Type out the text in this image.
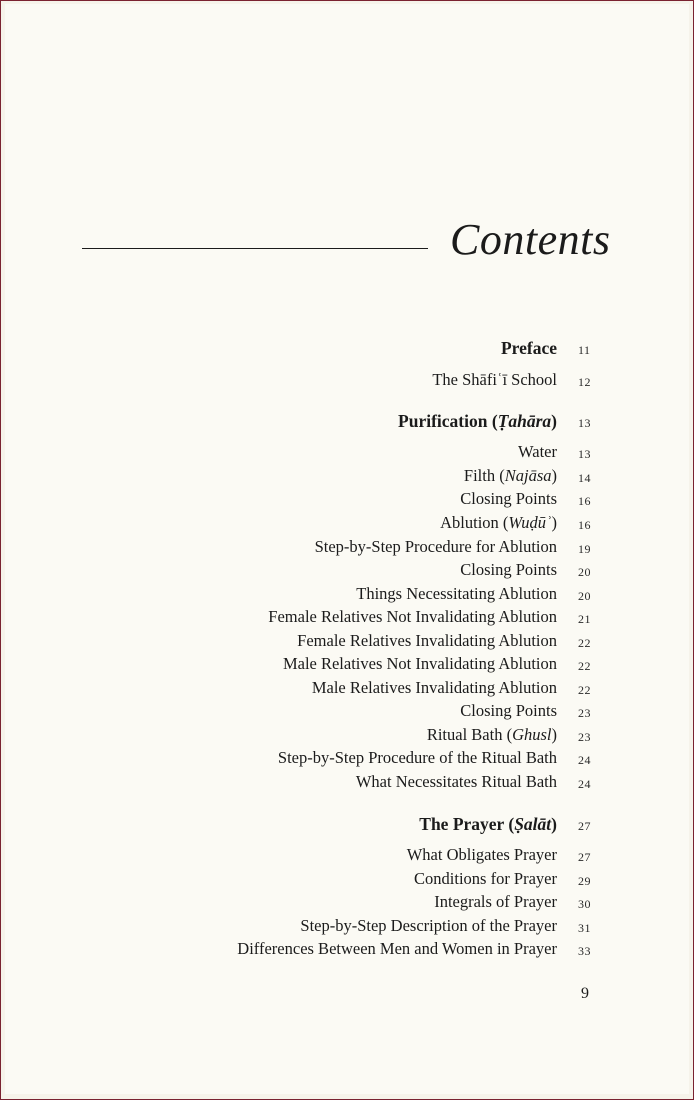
Contents
Preface 11
The Shāfiʿī School 12
Purification (Ṭahāra) 13
Water 13
Filth (Najāsa) 14
Closing Points 16
Ablution (Wuḍūʾ) 16
Step-by-Step Procedure for Ablution 19
Closing Points 20
Things Necessitating Ablution 20
Female Relatives Not Invalidating Ablution 21
Female Relatives Invalidating Ablution 22
Male Relatives Not Invalidating Ablution 22
Male Relatives Invalidating Ablution 22
Closing Points 23
Ritual Bath (Ghusl) 23
Step-by-Step Procedure of the Ritual Bath 24
What Necessitates Ritual Bath 24
The Prayer (Ṣalāt) 27
What Obligates Prayer 27
Conditions for Prayer 29
Integrals of Prayer 30
Step-by-Step Description of the Prayer 31
Differences Between Men and Women in Prayer 33
9
